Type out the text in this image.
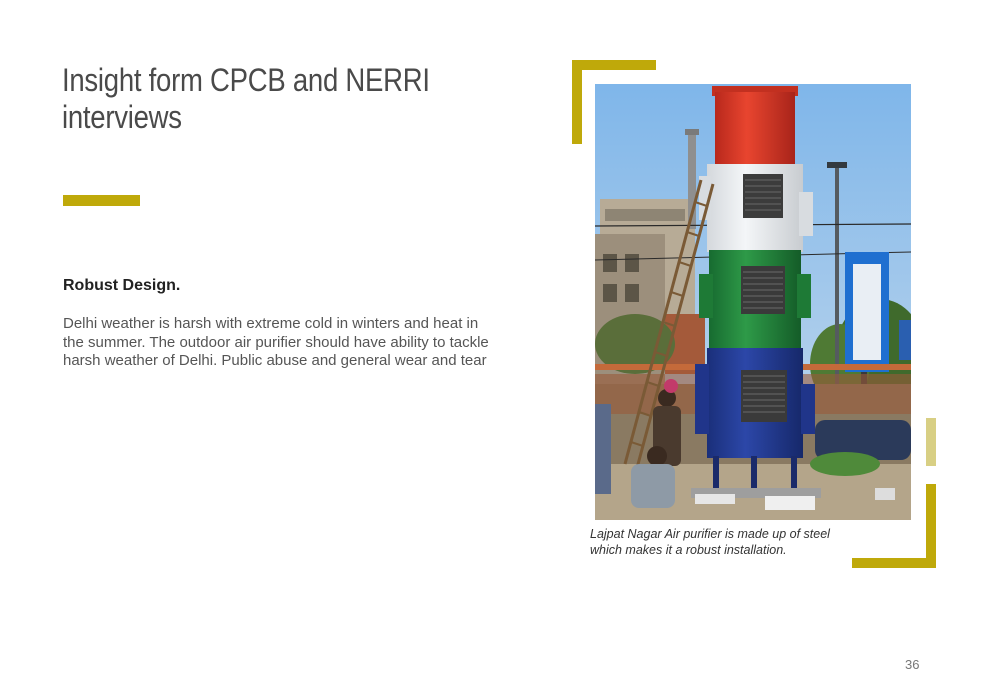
Insight form CPCB and NERRI interviews
Robust Design.

Delhi weather is harsh with extreme cold in winters and heat in the summer. The outdoor air purifier should have ability to tackle harsh weather of Delhi. Public abuse and general wear and tear

Lajpat Nagar Air purifier is made up of steel which makes it a robust installation.

36
